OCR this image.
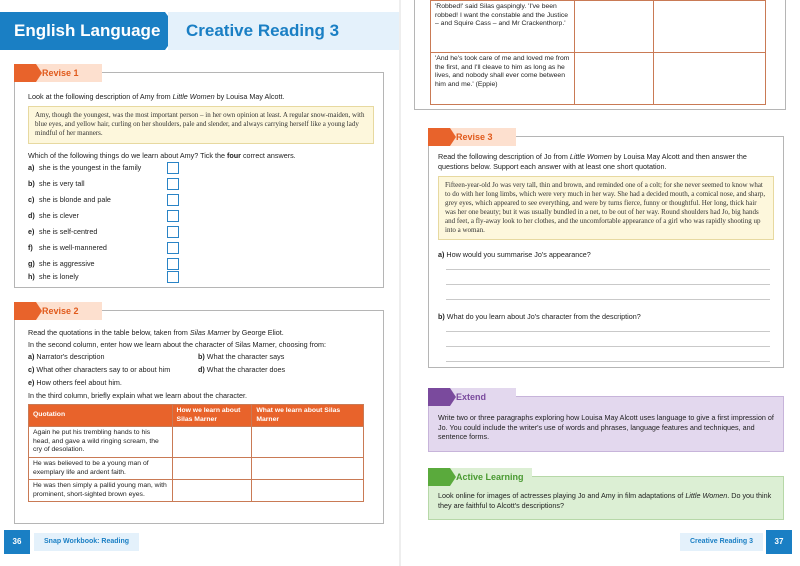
English Language	Creative Reading 3
Revise 1
Look at the following description of Amy from Little Women by Louisa May Alcott.
Amy, though the youngest, was the most important person – in her own opinion at least. A regular snow-maiden, with blue eyes, and yellow hair, curling on her shoulders, pale and slender, and always carrying herself like a young lady mindful of her manners.
Which of the following things do we learn about Amy? Tick the four correct answers.
a) she is the youngest in the family
b) she is very tall
c) she is blonde and pale
d) she is clever
e) she is self-centred
f) she is well-mannered
g) she is aggressive
h) she is lonely
Revise 2
Read the quotations in the table below, taken from Silas Marner by George Eliot.
In the second column, enter how we learn about the character of Silas Marner, choosing from:
a) Narrator's description	b) What the character says
c) What other characters say to or about him	d) What the character does
e) How others feel about him.
In the third column, briefly explain what we learn about the character.
Quotation	How we learn about Silas Marner	What we learn about Silas Marner
Again he put his trembling hands to his head, and gave a wild ringing scream, the cry of desolation.		
He was believed to be a young man of exemplary life and ardent faith.		
He was then simply a pallid young man, with prominent, short-sighted brown eyes.		
36	Snap Workbook: Reading
'Robbed!' said Silas gaspingly. 'I've been robbed! I want the constable and the Justice – and Squire Cass – and Mr Crackenthorp.'		
'And he's took care of me and loved me from the first, and I'll cleave to him as long as he lives, and nobody shall ever come between him and me.' (Eppie)		
Revise 3
Read the following description of Jo from Little Women by Louisa May Alcott and then answer the questions below. Support each answer with at least one short quotation.
Fifteen-year-old Jo was very tall, thin and brown, and reminded one of a colt; for she never seemed to know what to do with her long limbs, which were very much in her way. She had a decided mouth, a comical nose, and sharp, grey eyes, which appeared to see everything, and were by turns fierce, funny or thoughtful. Her long, thick hair was her one beauty; but it was usually bundled in a net, to be out of her way. Round shoulders had Jo, big hands and feet, a fly-away look to her clothes, and the uncomfortable appearance of a girl who was rapidly shooting up into a woman.
a) How would you summarise Jo's appearance?
b) What do you learn about Jo's character from the description?
Extend
Write two or three paragraphs exploring how Louisa May Alcott uses language to give a first impression of Jo. You could include the writer's use of words and phrases, language features and techniques, and sentence forms.
Active Learning
Look online for images of actresses playing Jo and Amy in film adaptations of Little Women. Do you think they are faithful to Alcott's descriptions?
Creative Reading 3	37
